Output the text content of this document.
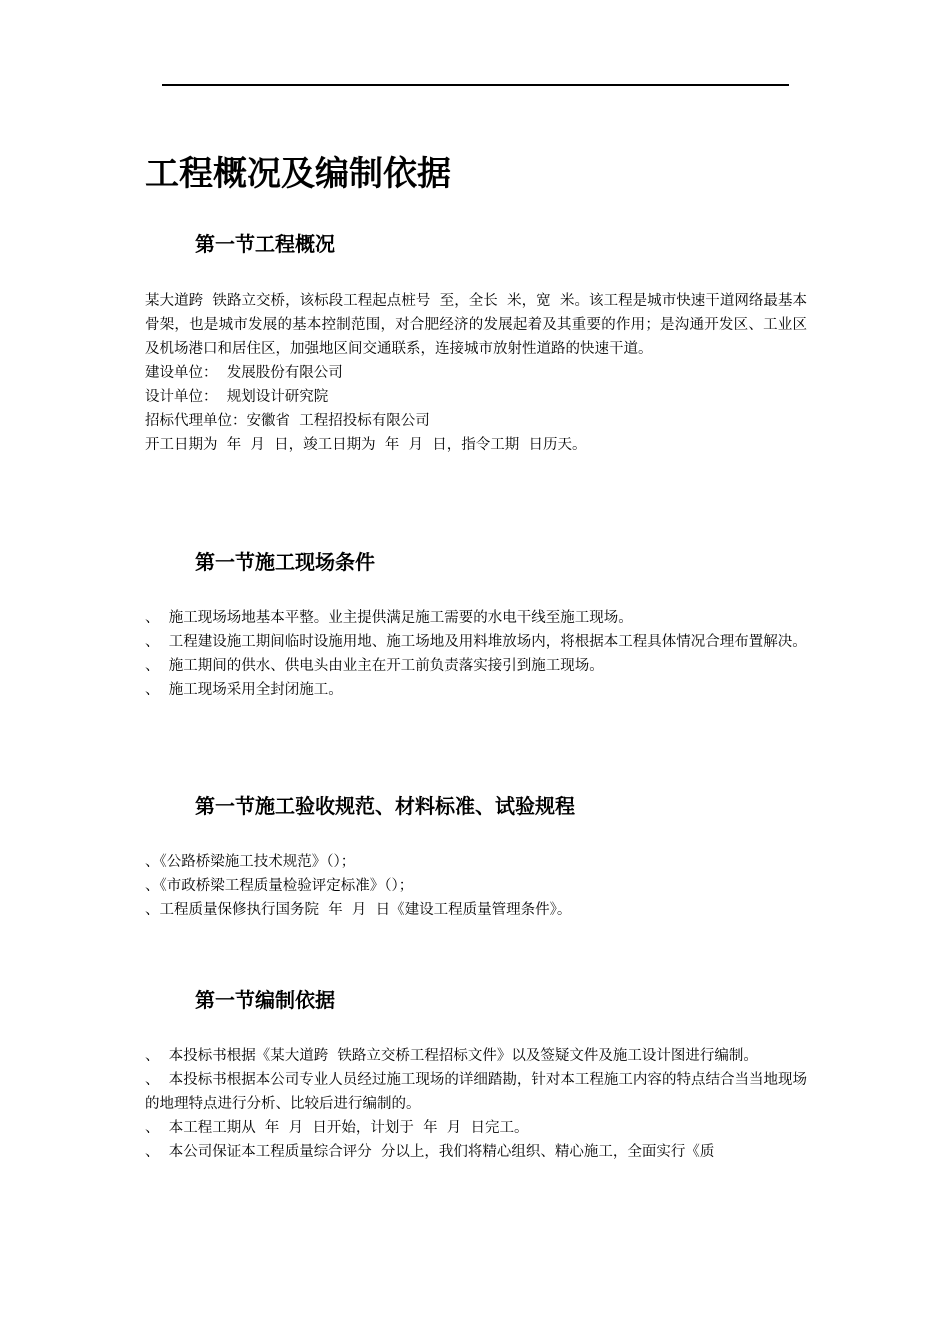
工程概况及编制依据
第一节工程概况

某大道跨  铁路立交桥，该标段工程起点桩号  至，全长  米，宽  米。该工程是城市快速干道网络最基本骨架，也是城市发展的基本控制范围，对合肥经济的发展起着及其重要的作用；是沟通开发区、工业区及机场港口和居住区，加强地区间交通联系，连接城市放射性道路的快速干道。

建设单位：  发展股份有限公司

设计单位：  规划设计研究院

招标代理单位：安徽省  工程招投标有限公司

开工日期为  年  月  日，竣工日期为  年  月  日，指令工期  日历天。

第一节施工现场条件

、  施工现场场地基本平整。业主提供满足施工需要的水电干线至施工现场。

、  工程建设施工期间临时设施用地、施工场地及用料堆放场内，将根据本工程具体情况合理布置解决。

、  施工期间的供水、供电头由业主在开工前负责落实接引到施工现场。

、  施工现场采用全封闭施工。

第一节施工验收规范、材料标准、试验规程

、《公路桥梁施工技术规范》（）；

、《市政桥梁工程质量检验评定标准》（）；

、工程质量保修执行国务院  年  月  日《建设工程质量管理条件》。

第一节编制依据

、  本投标书根据《某大道跨  铁路立交桥工程招标文件》以及签疑文件及施工设计图进行编制。

、  本投标书根据本公司专业人员经过施工现场的详细踏勘，针对本工程施工内容的特点结合当当地现场的地理特点进行分析、比较后进行编制的。

、  本工程工期从  年  月  日开始，计划于  年  月  日完工。

、  本公司保证本工程质量综合评分  分以上，我们将精心组织、精心施工，全面实行《质
